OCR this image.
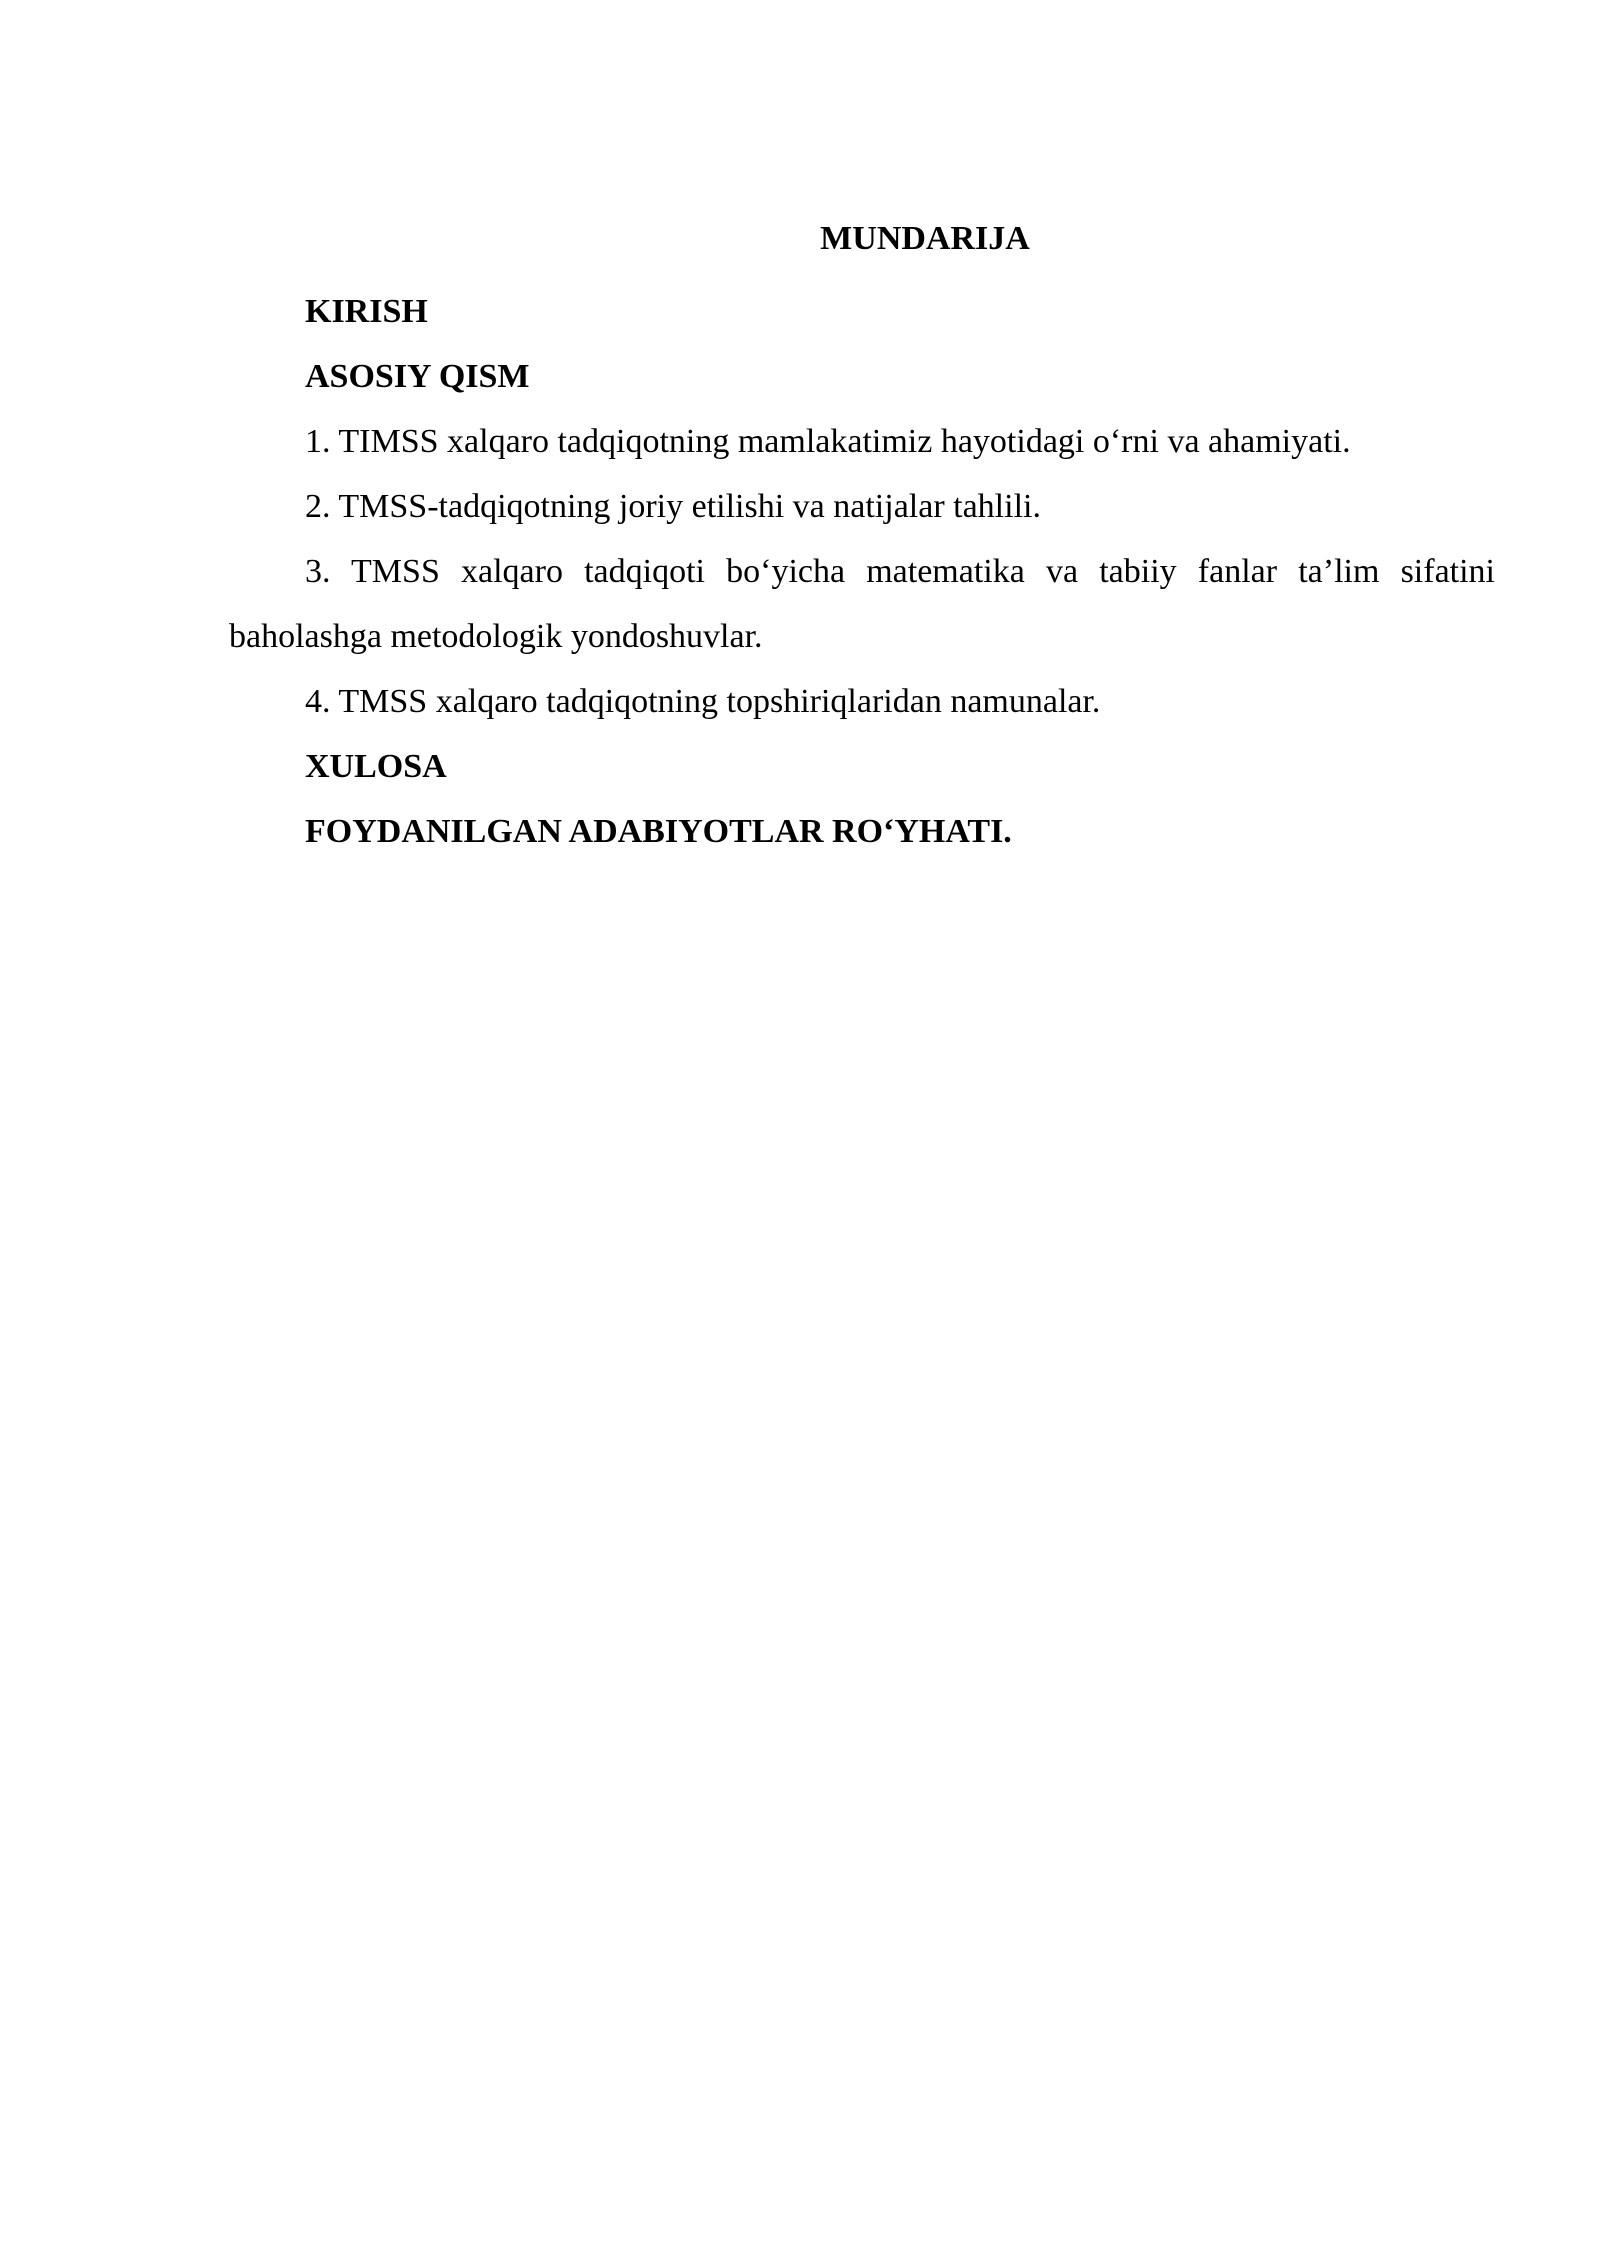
MUNDARIJA

KIRISH

ASOSIY QISM

1. TIMSS xalqaro tadqiqotning mamlakatimiz hayotidagi o‘rni va ahamiyati.

2. TMSS-tadqiqotning joriy etilishi va natijalar tahlili.

3. TMSS xalqaro tadqiqoti bo‘yicha matematika va tabiiy fanlar ta’lim sifatini baholashga metodologik yondoshuvlar.

4. TMSS xalqaro tadqiqotning topshiriqlaridan namunalar.

XULOSA

FOYDANILGAN ADABIYOTLAR RO‘YHATI.
